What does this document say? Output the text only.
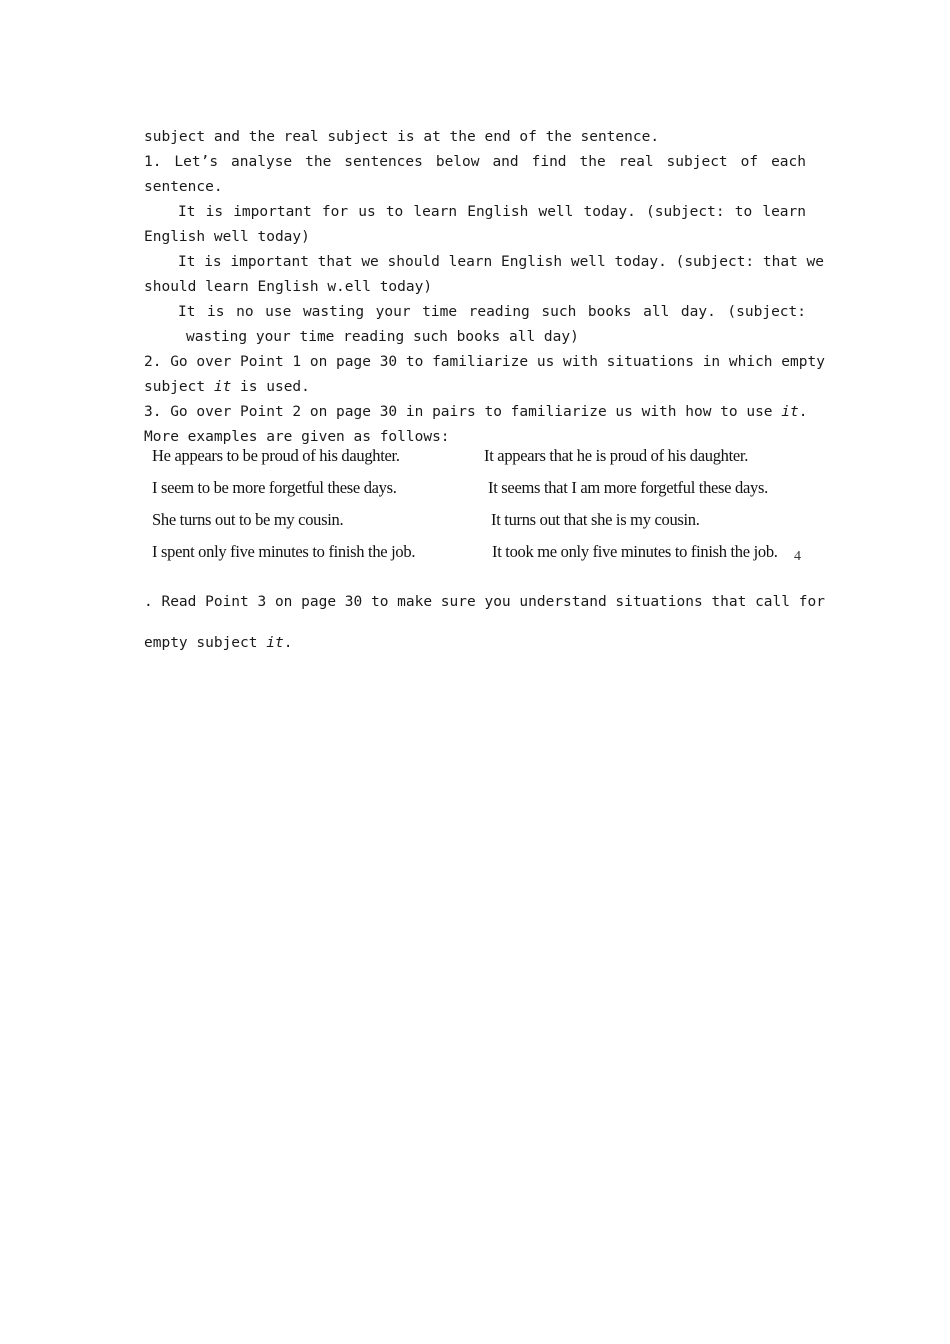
subject and the real subject is at the end of the sentence.
1. Let’s analyse the sentences below and find the real subject of each
sentence.
It is important for us to learn English well today. (subject: to learn
English well today)
It is important that we should learn English well today. (subject: that we
should learn English w.ell today)
It is no use wasting your time reading such books all day. (subject:
wasting your time reading such books all day)
2. Go over Point 1 on page 30 to familiarize us with situations in which empty
subject it is used.
3. Go over Point 2 on page 30 in pairs to familiarize us with how to use it.
More examples are given as follows:
He appears to be proud of his daughter.	It appears that he is proud of his daughter.
I seem to be more forgetful these days.	It seems that I am more forgetful these days.
She turns out to be my cousin.	It turns out that she is my cousin.
I spent only five minutes to finish the job.	It took me only five minutes to finish the job. 4
. Read Point 3 on page 30 to make sure you understand situations that call for
empty subject it.
